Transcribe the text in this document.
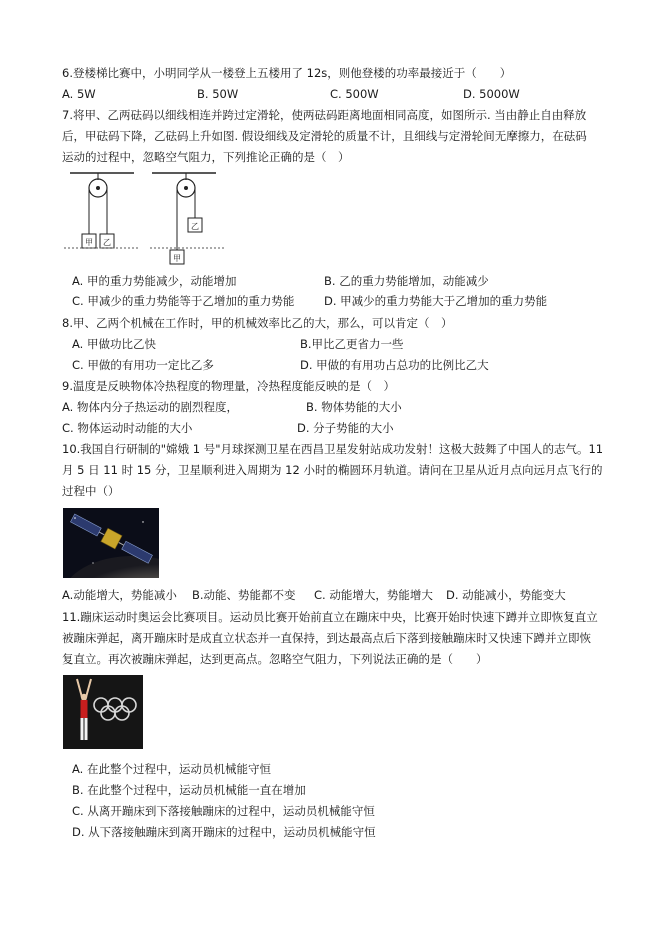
6.登楼梯比赛中，小明同学从一楼登上五楼用了 12s，则他登楼的功率最接近于（　　）
A. 5W	B. 50W	C. 500W	D. 5000W
7.将甲、乙两砝码以细线相连并跨过定滑轮，使两砝码距离地面相同高度，如图所示. 当由静止自由释放
后，甲砝码下降，乙砝码上升如图. 假设细线及定滑轮的质量不计，且细线与定滑轮间无摩擦力，在砝码
运动的过程中，忽略空气阻力，下列推论正确的是（　）
甲 乙
乙
甲
A. 甲的重力势能减少，动能增加	B. 乙的重力势能增加，动能减少
C. 甲减少的重力势能等于乙增加的重力势能	D. 甲减少的重力势能大于乙增加的重力势能
8.甲、乙两个机械在工作时，甲的机械效率比乙的大，那么，可以肯定（　）
A. 甲做功比乙快	B.甲比乙更省力一些
C. 甲做的有用功一定比乙多	D. 甲做的有用功占总功的比例比乙大
9.温度是反映物体冷热程度的物理量，冷热程度能反映的是（　）
A. 物体内分子热运动的剧烈程度，	B. 物体势能的大小
C. 物体运动时动能的大小	D. 分子势能的大小
10.我国自行研制的"嫦娥 1 号"月球探测卫星在西昌卫星发射站成功发射！这极大鼓舞了中国人的志气。11
月 5 日 11 时 15 分，卫星顺利进入周期为 12 小时的椭圆环月轨道。请问在卫星从近月点向远月点飞行的
过程中（）
A.动能增大，势能减小 B.动能、势能都不变 C. 动能增大，势能增大 D. 动能减小，势能变大
11.蹦床运动时奥运会比赛项目。运动员比赛开始前直立在蹦床中央，比赛开始时快速下蹲并立即恢复直立
被蹦床弹起，离开蹦床时是成直立状态并一直保持，到达最高点后下落到接触蹦床时又快速下蹲并立即恢
复直立。再次被蹦床弹起，达到更高点。忽略空气阻力，下列说法正确的是（　　）
A. 在此整个过程中，运动员机械能守恒
B. 在此整个过程中，运动员机械能一直在增加
C. 从离开蹦床到下落接触蹦床的过程中，运动员机械能守恒
D. 从下落接触蹦床到离开蹦床的过程中，运动员机械能守恒
